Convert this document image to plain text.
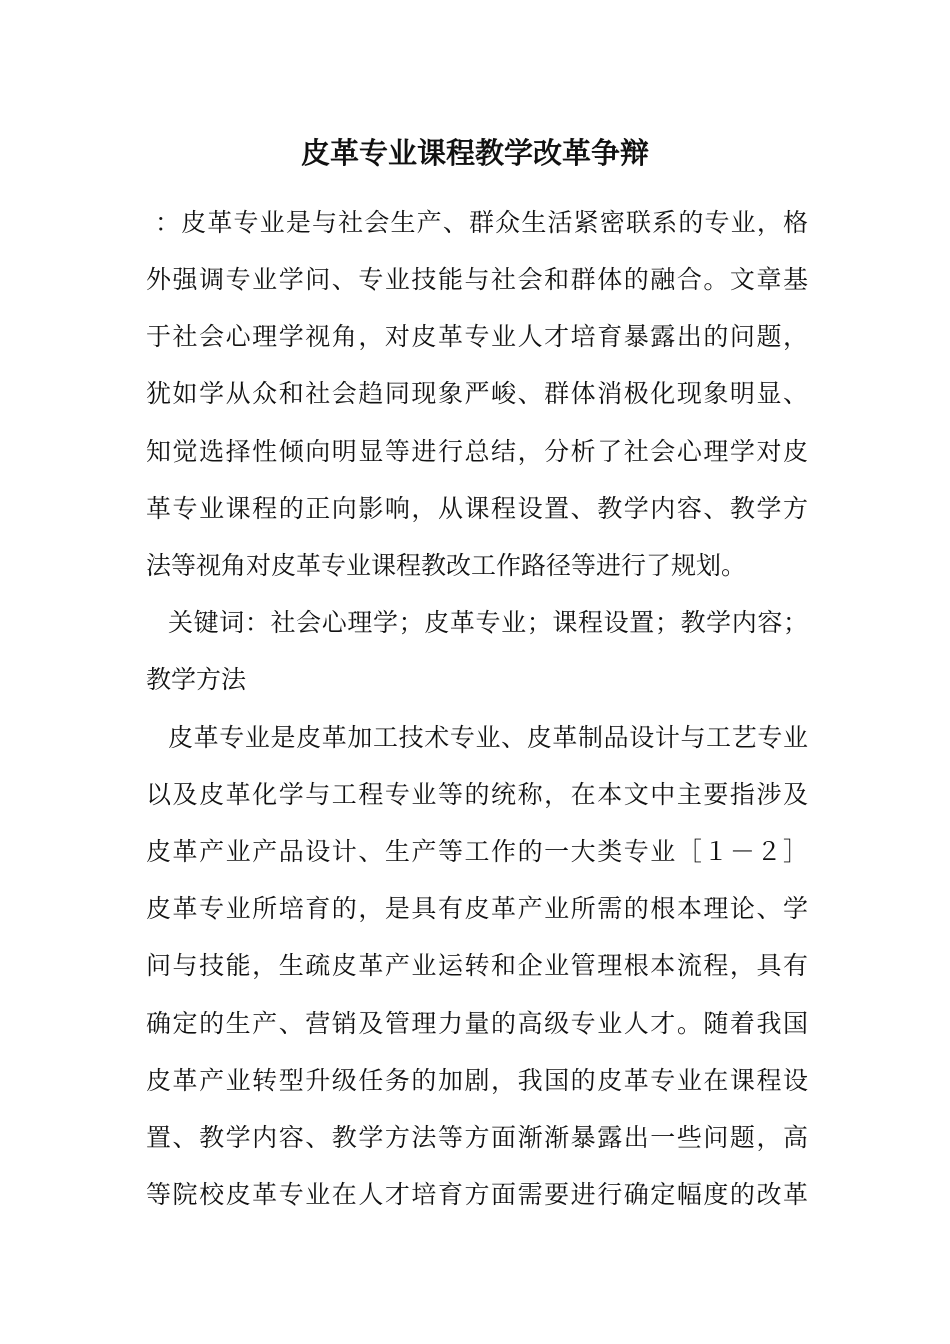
皮革专业课程教学改革争辩
：皮革专业是与社会生产、群众生活紧密联系的专业，格
外强调专业学问、专业技能与社会和群体的融合。文章基
于社会心理学视角，对皮革专业人才培育暴露出的问题，
犹如学从众和社会趋同现象严峻、群体消极化现象明显、
知觉选择性倾向明显等进行总结，分析了社会心理学对皮
革专业课程的正向影响，从课程设置、教学内容、教学方
法等视角对皮革专业课程教改工作路径等进行了规划。
关键词：社会心理学；皮革专业；课程设置；教学内容；
教学方法
皮革专业是皮革加工技术专业、皮革制品设计与工艺专业
以及皮革化学与工程专业等的统称，在本文中主要指涉及
皮革产业产品设计、生产等工作的一大类专业［１－２］
皮革专业所培育的，是具有皮革产业所需的根本理论、学
问与技能，生疏皮革产业运转和企业管理根本流程，具有
确定的生产、营销及管理力量的高级专业人才。随着我国
皮革产业转型升级任务的加剧，我国的皮革专业在课程设
置、教学内容、教学方法等方面渐渐暴露出一些问题，高
等院校皮革专业在人才培育方面需要进行确定幅度的改革
